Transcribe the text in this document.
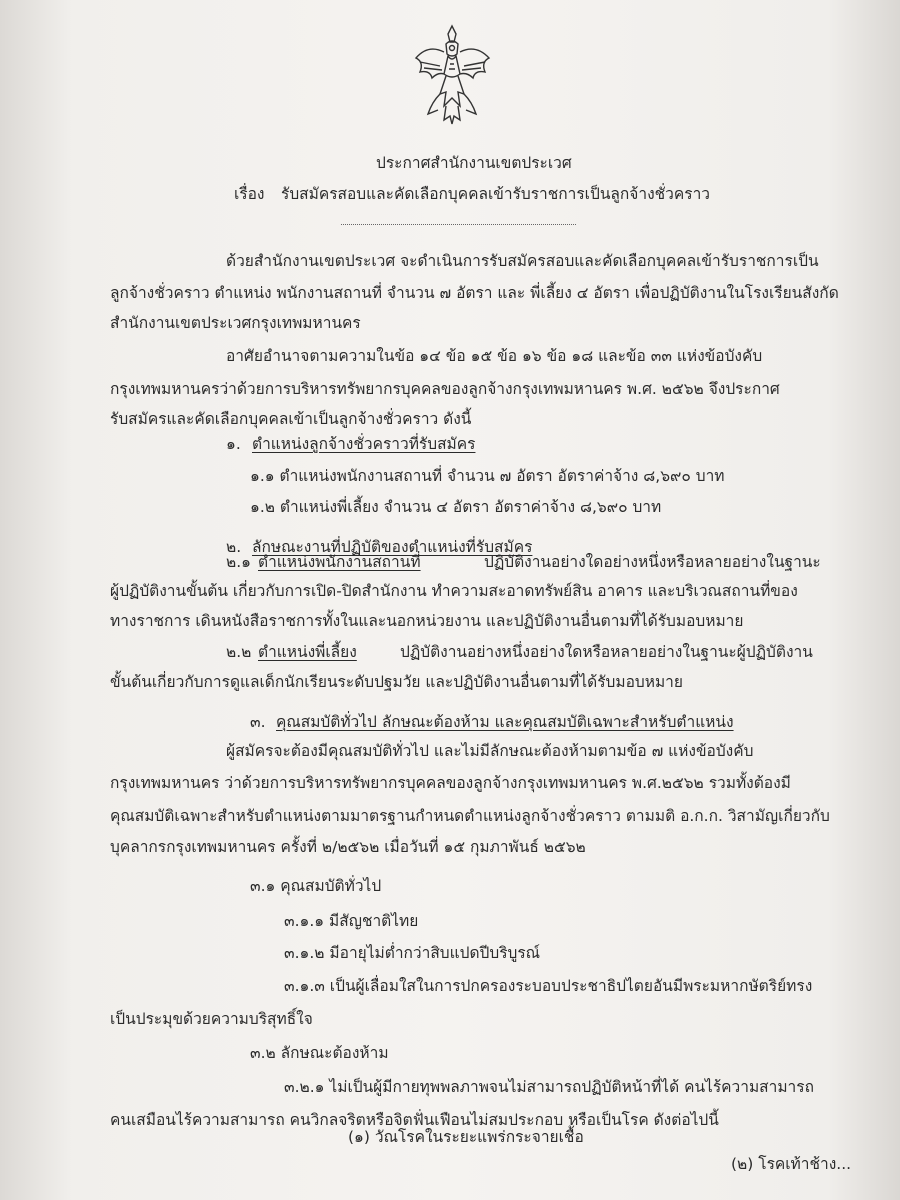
ประกาศสำนักงานเขตประเวศ
เรื่อง รับสมัครสอบและคัดเลือกบุคคลเข้ารับราชการเป็นลูกจ้างชั่วคราว
ด้วยสำนักงานเขตประเวศ จะดำเนินการรับสมัครสอบและคัดเลือกบุคคลเข้ารับราชการเป็น
ลูกจ้างชั่วคราว ตำแหน่ง พนักงานสถานที่ จำนวน ๗ อัตรา และ พี่เลี้ยง ๔ อัตรา เพื่อปฏิบัติงานในโรงเรียนสังกัด
สำนักงานเขตประเวศกรุงเทพมหานคร
อาศัยอำนาจตามความในข้อ ๑๔ ข้อ ๑๕ ข้อ ๑๖ ข้อ ๑๘ และข้อ ๓๓ แห่งข้อบังคับ
กรุงเทพมหานครว่าด้วยการบริหารทรัพยากรบุคคลของลูกจ้างกรุงเทพมหานคร พ.ศ. ๒๕๖๒ จึงประกาศ
รับสมัครและคัดเลือกบุคคลเข้าเป็นลูกจ้างชั่วคราว ดังนี้
๑. ตำแหน่งลูกจ้างชั่วคราวที่รับสมัคร
๑.๑ ตำแหน่งพนักงานสถานที่ จำนวน ๗ อัตรา อัตราค่าจ้าง ๘,๖๙๐ บาท
๑.๒ ตำแหน่งพี่เลี้ยง จำนวน ๔ อัตรา อัตราค่าจ้าง ๘,๖๙๐ บาท
๒. ลักษณะงานที่ปฏิบัติของตำแหน่งที่รับสมัคร
๒.๑ ตำแหน่งพนักงานสถานที่	ปฏิบัติงานอย่างใดอย่างหนึ่งหรือหลายอย่างในฐานะ
ผู้ปฏิบัติงานขั้นต้น เกี่ยวกับการเปิด-ปิดสำนักงาน ทำความสะอาดทรัพย์สิน อาคาร และบริเวณสถานที่ของ
ทางราชการ เดินหนังสือราชการทั้งในและนอกหน่วยงาน และปฏิบัติงานอื่นตามที่ได้รับมอบหมาย
๒.๒ ตำแหน่งพี่เลี้ยง	ปฏิบัติงานอย่างหนึ่งอย่างใดหรือหลายอย่างในฐานะผู้ปฏิบัติงาน
ขั้นต้นเกี่ยวกับการดูแลเด็กนักเรียนระดับปฐมวัย และปฏิบัติงานอื่นตามที่ได้รับมอบหมาย
๓. คุณสมบัติทั่วไป ลักษณะต้องห้าม และคุณสมบัติเฉพาะสำหรับตำแหน่ง
ผู้สมัครจะต้องมีคุณสมบัติทั่วไป และไม่มีลักษณะต้องห้ามตามข้อ ๗ แห่งข้อบังคับ
กรุงเทพมหานคร ว่าด้วยการบริหารทรัพยากรบุคคลของลูกจ้างกรุงเทพมหานคร พ.ศ.๒๕๖๒ รวมทั้งต้องมี
คุณสมบัติเฉพาะสำหรับตำแหน่งตามมาตรฐานกำหนดตำแหน่งลูกจ้างชั่วคราว ตามมติ อ.ก.ก. วิสามัญเกี่ยวกับ
บุคลากรกรุงเทพมหานคร ครั้งที่ ๒/๒๕๖๒ เมื่อวันที่ ๑๕ กุมภาพันธ์ ๒๕๖๒
๓.๑ คุณสมบัติทั่วไป
๓.๑.๑ มีสัญชาติไทย
๓.๑.๒ มีอายุไม่ต่ำกว่าสิบแปดปีบริบูรณ์
๓.๑.๓ เป็นผู้เลื่อมใสในการปกครองระบอบประชาธิปไตยอันมีพระมหากษัตริย์ทรง
เป็นประมุขด้วยความบริสุทธิ์ใจ
๓.๒ ลักษณะต้องห้าม
๓.๒.๑ ไม่เป็นผู้มีกายทุพพลภาพจนไม่สามารถปฏิบัติหน้าที่ได้ คนไร้ความสามารถ
คนเสมือนไร้ความสามารถ คนวิกลจริตหรือจิตฟั่นเฟือนไม่สมประกอบ หรือเป็นโรค ดังต่อไปนี้
(๑) วัณโรคในระยะแพร่กระจายเชื้อ
(๒) โรคเท้าช้าง...
